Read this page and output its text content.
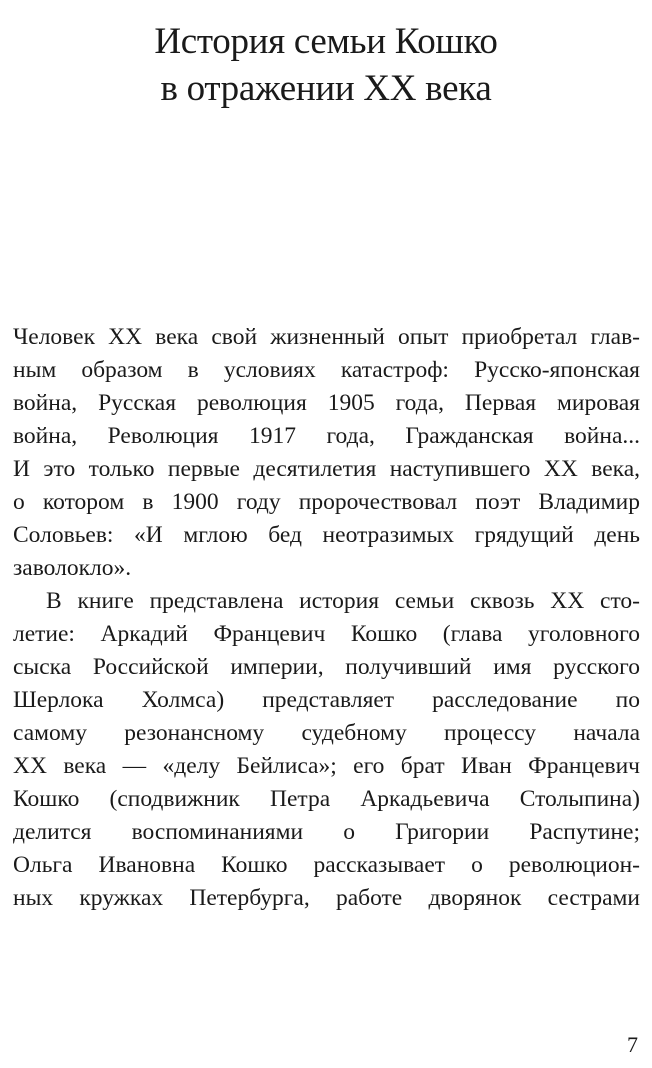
История семьи Кошко
в отражении XX века
Человек XX века свой жизненный опыт приобретал глав-
ным образом в условиях катастроф: Русско-японская
война, Русская революция 1905 года, Первая мировая
война, Революция 1917 года, Гражданская война...
И это только первые десятилетия наступившего XX века,
о котором в 1900 году пророчествовал поэт Владимир
Соловьев: «И мглою бед неотразимых грядущий день
заволокло».
В книге представлена история семьи сквозь XX сто-
летие: Аркадий Францевич Кошко (глава уголовного
сыска Российской империи, получивший имя русского
Шерлока Холмса) представляет расследование по
самому резонансному судебному процессу начала
XX века — «делу Бейлиса»; его брат Иван Францевич
Кошко (сподвижник Петра Аркадьевича Столыпина)
делится воспоминаниями о Григории Распутине;
Ольга Ивановна Кошко рассказывает о революцион-
ных кружках Петербурга, работе дворянок сестрами
7
